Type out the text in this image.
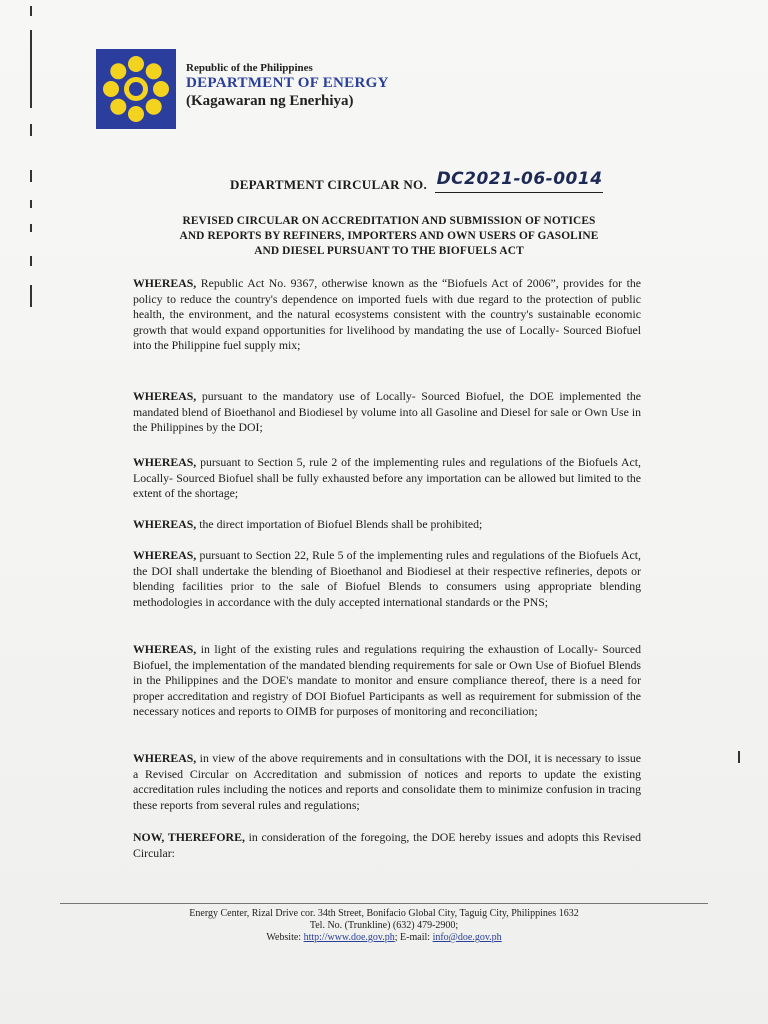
Republic of the Philippines
DEPARTMENT OF ENERGY
(Kagawaran ng Enerhiya)
DEPARTMENT CIRCULAR NO. DC2021-06-0014
REVISED CIRCULAR ON ACCREDITATION AND SUBMISSION OF NOTICES
AND REPORTS BY REFINERS, IMPORTERS AND OWN USERS OF GASOLINE
AND DIESEL PURSUANT TO THE BIOFUELS ACT
WHEREAS, Republic Act No. 9367, otherwise known as the “Biofuels Act of 2006”, provides for the policy to reduce the country's dependence on imported fuels with due regard to the protection of public health, the environment, and the natural ecosystems consistent with the country's sustainable economic growth that would expand opportunities for livelihood by mandating the use of Locally- Sourced Biofuel into the Philippine fuel supply mix;
WHEREAS, pursuant to the mandatory use of Locally- Sourced Biofuel, the DOE implemented the mandated blend of Bioethanol and Biodiesel by volume into all Gasoline and Diesel for sale or Own Use in the Philippines by the DOI;
WHEREAS, pursuant to Section 5, rule 2 of the implementing rules and regulations of the Biofuels Act, Locally- Sourced Biofuel shall be fully exhausted before any importation can be allowed but limited to the extent of the shortage;
WHEREAS, the direct importation of Biofuel Blends shall be prohibited;
WHEREAS, pursuant to Section 22, Rule 5 of the implementing rules and regulations of the Biofuels Act, the DOI shall undertake the blending of Bioethanol and Biodiesel at their respective refineries, depots or blending facilities prior to the sale of Biofuel Blends to consumers using appropriate blending methodologies in accordance with the duly accepted international standards or the PNS;
WHEREAS, in light of the existing rules and regulations requiring the exhaustion of Locally- Sourced Biofuel, the implementation of the mandated blending requirements for sale or Own Use of Biofuel Blends in the Philippines and the DOE's mandate to monitor and ensure compliance thereof, there is a need for proper accreditation and registry of DOI Biofuel Participants as well as requirement for submission of the necessary notices and reports to OIMB for purposes of monitoring and reconciliation;
WHEREAS, in view of the above requirements and in consultations with the DOI, it is necessary to issue a Revised Circular on Accreditation and submission of notices and reports to update the existing accreditation rules including the notices and reports and consolidate them to minimize confusion in tracing these reports from several rules and regulations;
NOW, THEREFORE, in consideration of the foregoing, the DOE hereby issues and adopts this Revised Circular:
Energy Center, Rizal Drive cor. 34th Street, Bonifacio Global City, Taguig City, Philippines 1632
Tel. No. (Trunkline) (632) 479-2900;
Website: http://www.doe.gov.ph; E-mail: info@doe.gov.ph
